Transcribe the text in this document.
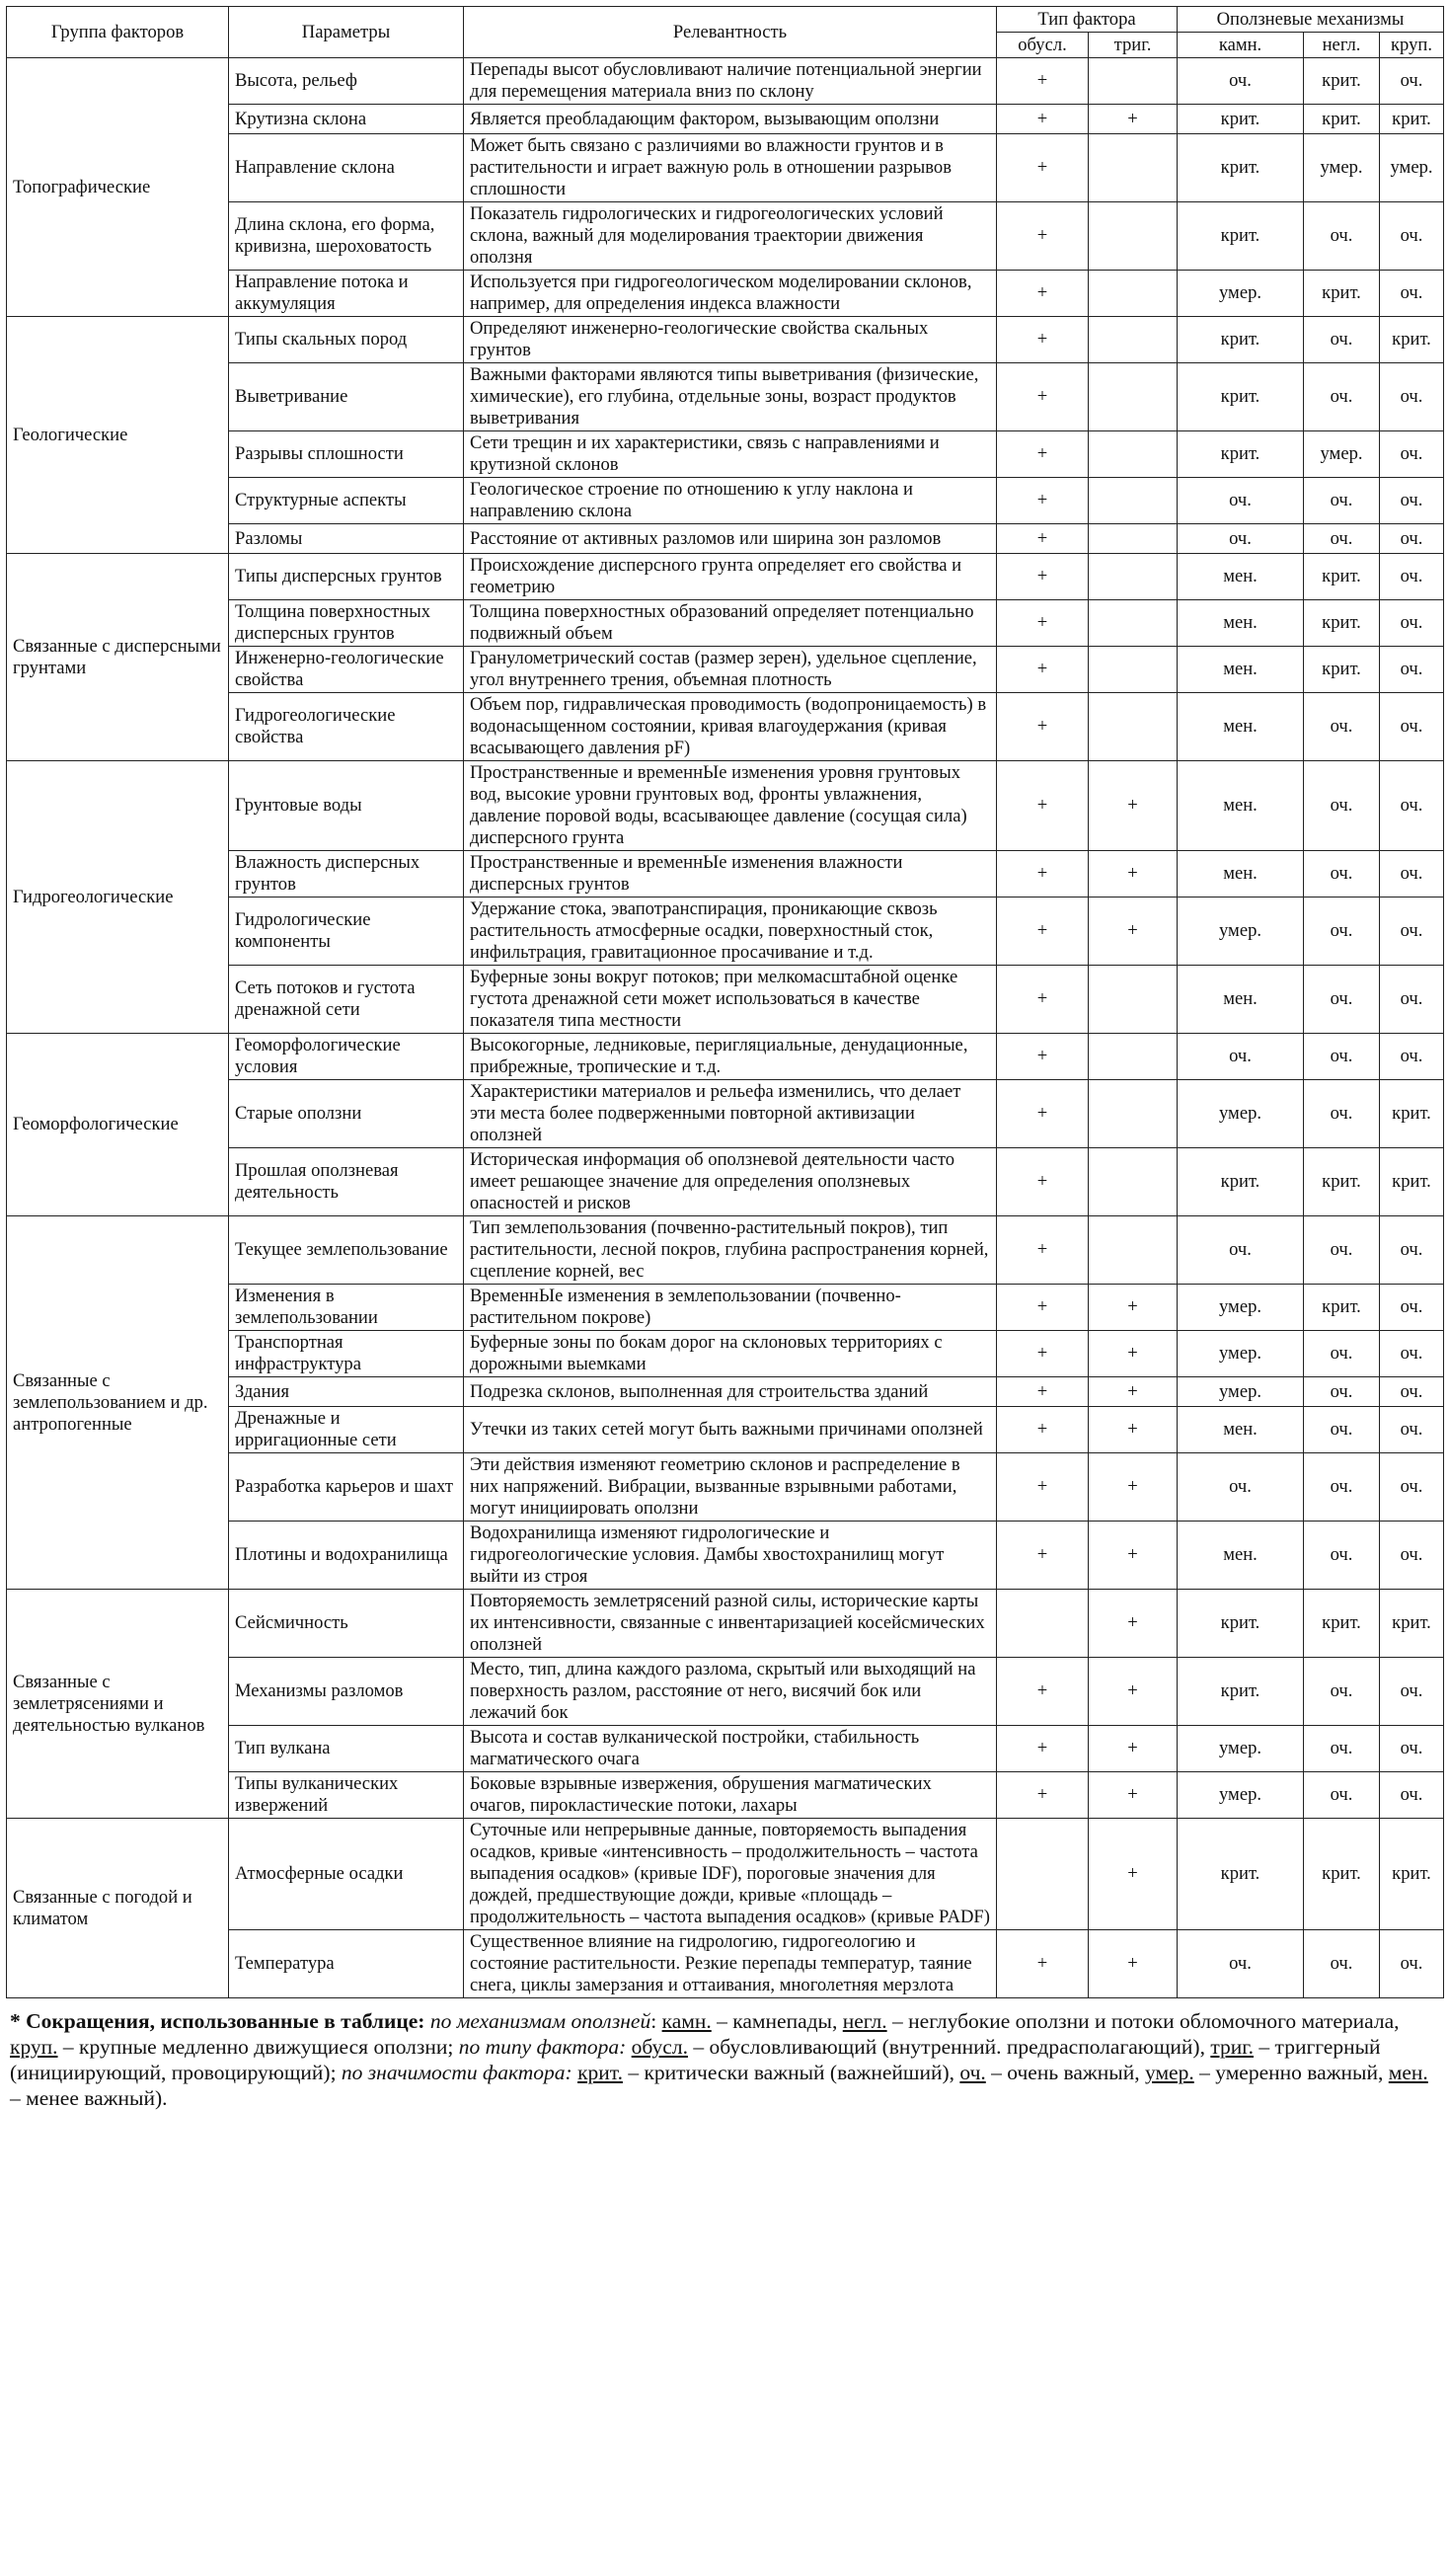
Группа факторов	Параметры	Релевантность	Тип фактора		Оползневые механизмы		
			обусл.	триг.	камн.	негл.	круп.
Топографические	Высота, рельеф	Перепады высот обусловливают наличие потенциальной энергии для перемещения материала вниз по склону	+		оч.	крит.	оч.
	Крутизна склона	Является преобладающим фактором, вызывающим оползни	+	+	крит.	крит.	крит.
	Направление склона	Может быть связано с различиями во влажности грунтов и в растительности и играет важную роль в отношении разрывов сплошности	+		крит.	умер.	умер.
	Длина склона, его форма, кривизна, шероховатость	Показатель гидрологических и гидрогеологических условий склона, важный для моделирования траектории движения оползня	+		крит.	оч.	оч.
	Направление потока и аккумуляция	Используется при гидрогеологическом моделировании склонов, например, для определения индекса влажности	+		умер.	крит.	оч.
Геологические	Типы скальных пород	Определяют инженерно-геологические свойства скальных грунтов	+		крит.	оч.	крит.
	Выветривание	Важными факторами являются типы выветривания (физические, химические), его глубина, отдельные зоны, возраст продуктов выветривания	+		крит.	оч.	оч.
	Разрывы сплошности	Сети трещин и их характеристики, связь с направлениями и крутизной склонов	+		крит.	умер.	оч.
	Структурные аспекты	Геологическое строение по отношению к углу наклона и направлению склона	+		оч.	оч.	оч.
	Разломы	Расстояние от активных разломов или ширина зон разломов	+		оч.	оч.	оч.
Связанные с дисперсными грунтами	Типы дисперсных грунтов	Происхождение дисперсного грунта определяет его свойства и геометрию	+		мен.	крит.	оч.
	Толщина поверхностных дисперсных грунтов	Толщина поверхностных образований определяет потенциально подвижный объем	+		мен.	крит.	оч.
	Инженерно-геологические свойства	Гранулометрический состав (размер зерен), удельное сцепление, угол внутреннего трения, объемная плотность	+		мен.	крит.	оч.
	Гидрогеологические свойства	Объем пор, гидравлическая проводимость (водопроницаемость) в водонасыщенном состоянии, кривая влагоудержания (кривая всасывающего давления pF)	+		мен.	оч.	оч.
Гидрогеологические	Грунтовые воды	Пространственные и временнЫе изменения уровня грунтовых вод, высокие уровни грунтовых вод, фронты увлажнения, давление поровой воды, всасывающее давление (сосущая сила) дисперсного грунта	+	+	мен.	оч.	оч.
	Влажность дисперсных грунтов	Пространственные и временнЫе изменения влажности дисперсных грунтов	+	+	мен.	оч.	оч.
	Гидрологические компоненты	Удержание стока, эвапотранспирация, проникающие сквозь растительность атмосферные осадки, поверхностный сток, инфильтрация, гравитационное просачивание и т.д.	+	+	умер.	оч.	оч.
	Сеть потоков и густота дренажной сети	Буферные зоны вокруг потоков; при мелкомасштабной оценке густота дренажной сети может использоваться в качестве показателя типа местности	+		мен.	оч.	оч.
Геоморфологические	Геоморфологические условия	Высокогорные, ледниковые, перигляциальные, денудационные, прибрежные, тропические и т.д.	+		оч.	оч.	оч.
	Старые оползни	Характеристики материалов и рельефа изменились, что делает эти места более подверженными повторной активизации оползней	+		умер.	оч.	крит.
	Прошлая оползневая деятельность	Историческая информация об оползневой деятельности часто имеет решающее значение для определения оползневых опасностей и рисков	+		крит.	крит.	крит.
Связанные с землепользованием и др. антропогенные	Текущее землепользование	Тип землепользования (почвенно-растительный покров), тип растительности, лесной покров, глубина распространения корней, сцепление корней, вес	+		оч.	оч.	оч.
	Изменения в землепользовании	ВременнЫе изменения в землепользовании (почвенно-растительном покрове)	+	+	умер.	крит.	оч.
	Транспортная инфраструктура	Буферные зоны по бокам дорог на склоновых территориях с дорожными выемками	+	+	умер.	оч.	оч.
	Здания	Подрезка склонов, выполненная для строительства зданий	+	+	умер.	оч.	оч.
	Дренажные и ирригационные сети	Утечки из таких сетей могут быть важными причинами оползней	+	+	мен.	оч.	оч.
	Разработка карьеров и шахт	Эти действия изменяют геометрию склонов и распределение в них напряжений. Вибрации, вызванные взрывными работами, могут инициировать оползни	+	+	оч.	оч.	оч.
	Плотины и водохранилища	Водохранилища изменяют гидрологические и гидрогеологические условия. Дамбы хвостохранилищ могут выйти из строя	+	+	мен.	оч.	оч.
Связанные с землетрясениями и деятельностью вулканов	Сейсмичность	Повторяемость землетрясений разной силы, исторические карты их интенсивности, связанные с инвентаризацией косейсмических оползней		+	крит.	крит.	крит.
	Механизмы разломов	Место, тип, длина каждого разлома, скрытый или выходящий на поверхность разлом, расстояние от него, висячий бок или лежачий бок	+	+	крит.	оч.	оч.
	Тип вулкана	Высота и состав вулканической постройки, стабильность магматического очага	+	+	умер.	оч.	оч.
	Типы вулканических извержений	Боковые взрывные извержения, обрушения магматических очагов, пирокластические потоки, лахары	+	+	умер.	оч.	оч.
Связанные с погодой и климатом	Атмосферные осадки	Суточные или непрерывные данные, повторяемость выпадения осадков, кривые «интенсивность – продолжительность – частота выпадения осадков» (кривые IDF), пороговые значения для дождей, предшествующие дожди, кривые «площадь – продолжительность – частота выпадения осадков» (кривые PADF)		+	крит.	крит.	крит.
	Температура	Существенное влияние на гидрологию, гидрогеологию и состояние растительности. Резкие перепады температур, таяние снега, циклы замерзания и оттаивания, многолетняя мерзлота	+	+	оч.	оч.	оч.
* Сокращения, использованные в таблице: по механизмам оползней: камн. – камнепады, негл. – неглубокие оползни и потоки обломочного материала, круп. – крупные медленно движущиеся оползни; по типу фактора: обусл. – обусловливающий (внутренний. предрасполагающий), триг. – триггерный (инициирующий, провоцирующий); по значимости фактора: крит. – критически важный (важнейший), оч. – очень важный, умер. – умеренно важный, мен. – менее важный).
